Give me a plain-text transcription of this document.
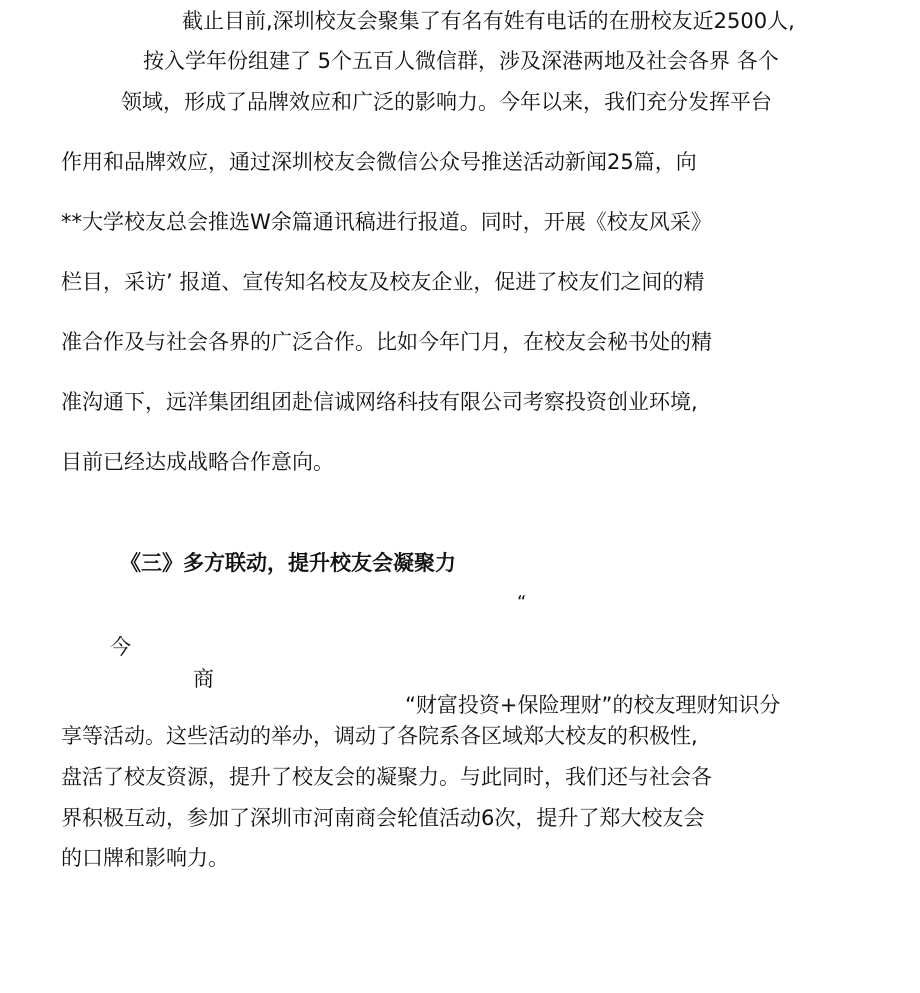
截止目前,深圳校友会聚集了有名有姓有电话的在册校友近2500人,
按入学年份组建了 5个五百人微信群，涉及深港两地及社会各界 各个
领域，形成了品牌效应和广泛的影响力。今年以来，我们充分发挥平台
作用和品牌效应，通过深圳校友会微信公众号推送活动新闻25篇，向
**大学校友总会推选W余篇通讯稿进行报道。同时，开展《校友风采》
栏目，采访’ 报道、宣传知名校友及校友企业，促进了校友们之间的精
准合作及与社会各界的广泛合作。比如今年门月，在校友会秘书处的精
准沟通下，远洋集团组团赴信诚网络科技有限公司考察投资创业环境,
目前已经达成战略合作意向。
《三》多方联动，提升校友会凝聚力
“
今
商
“财富投资+保险理财”的校友理财知识分
享等活动。这些活动的举办，调动了各院系各区域郑大校友的积极性,
盘活了校友资源，提升了校友会的凝聚力。与此同时，我们还与社会各
界积极互动，参加了深圳市河南商会轮值活动6次，提升了郑大校友会
的口牌和影响力。
